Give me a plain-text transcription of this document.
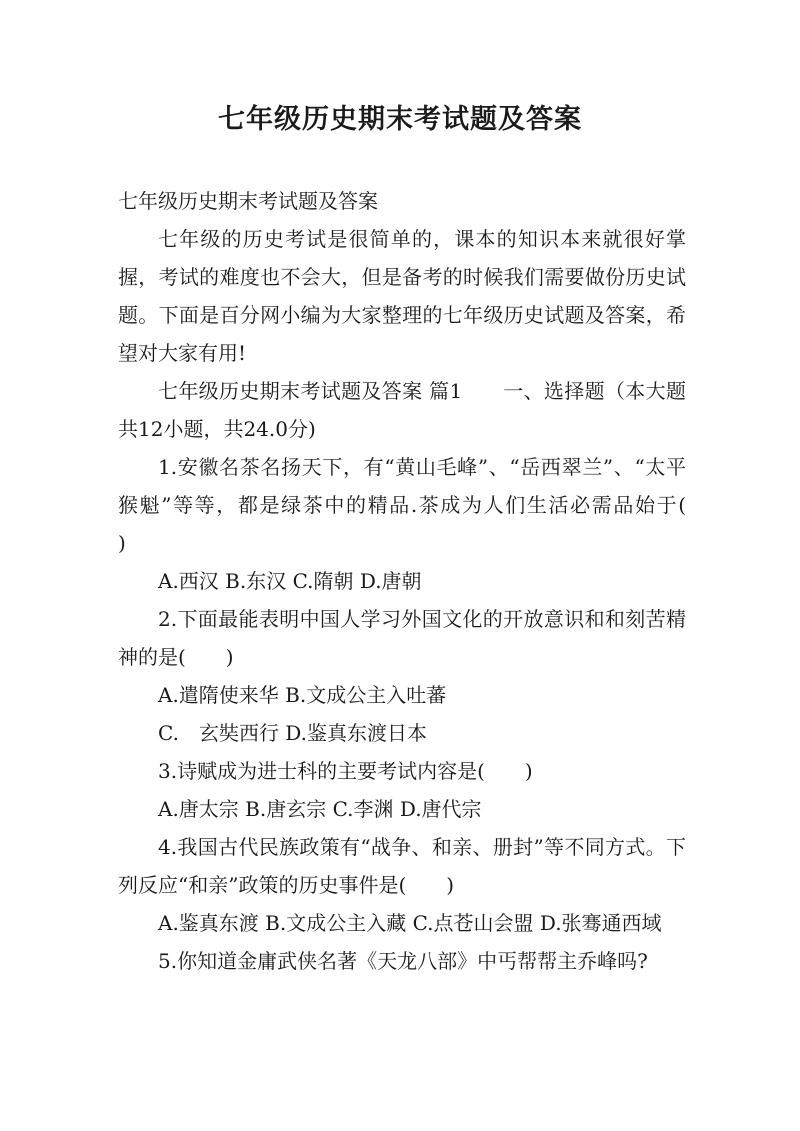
七年级历史期末考试题及答案

七年级历史期末考试题及答案

七年级的历史考试是很简单的，课本的知识本来就很好掌握，考试的难度也不会大，但是备考的时候我们需要做份历史试题。下面是百分网小编为大家整理的七年级历史试题及答案，希望对大家有用!

七年级历史期末考试题及答案 篇1　　一、选择题（本大题共12小题，共24.0分)

1.安徽名茶名扬天下，有“黄山毛峰”、“岳西翠兰”、“太平猴魁”等等，都是绿茶中的精品.茶成为人们生活必需品始于(　　)

A.西汉 B.东汉 C.隋朝 D.唐朝

2.下面最能表明中国人学习外国文化的开放意识和和刻苦精神的是(　　)

A.遣隋使来华 B.文成公主入吐蕃

C.　玄奘西行 D.鉴真东渡日本

3.诗赋成为进士科的主要考试内容是(　　)

A.唐太宗 B.唐玄宗 C.李渊 D.唐代宗

4.我国古代民族政策有“战争、和亲、册封”等不同方式。下列反应“和亲”政策的历史事件是(　　)

A.鉴真东渡 B.文成公主入藏 C.点苍山会盟 D.张骞通西域

5.你知道金庸武侠名著《天龙八部》中丐帮帮主乔峰吗?
